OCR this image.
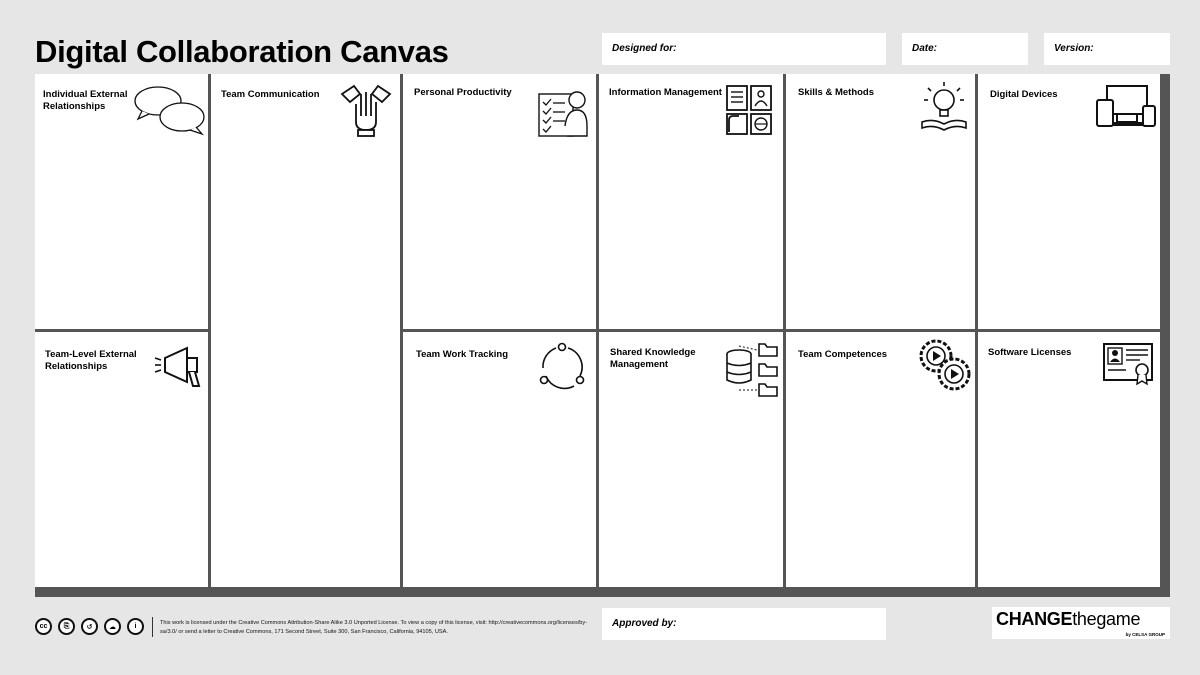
Digital Collaboration Canvas	Designed for:	Date:	Version:
Individual External Relationships
Team-Level External Relationships
Team Communication	Personal Productivity
Team Work Tracking
Information Management
Shared Knowledge Management
Skills & Methods
Team Competences
Digital Devices
Software Licenses
cc	⎘	↺	☁	i	This work is licensed under the Creative Commons Attribution-Share Alike 3.0 Unported License. To view a copy of this license, visit: http://creativecommons.org/licenses/by-sa/3.0/ or send a letter to Creative Commons, 171 Second Street, Suite 300, San Francisco, California, 94105, USA.
Approved by:	CHANGEthegame
by CELSA GROUP
